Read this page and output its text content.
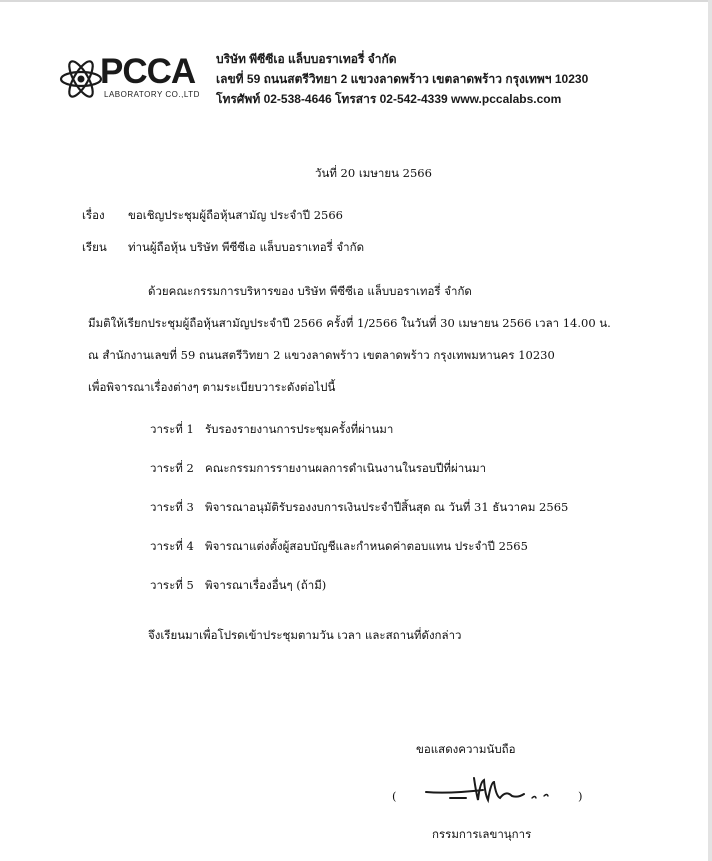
PCCA
LABORATORY CO.,LTD
บริษัท พีซีซีเอ แล็บบอราเทอรี่ จำกัด
เลขที่ 59 ถนนสตรีวิทยา 2 แขวงลาดพร้าว เขตลาดพร้าว กรุงเทพฯ 10230
โทรศัพท์ 02-538-4646 โทรสาร 02-542-4339 www.pccalabs.com
วันที่ 20 เมษายน 2566
เรื่อง ขอเชิญประชุมผู้ถือหุ้นสามัญ ประจำปี 2566
เรียน ท่านผู้ถือหุ้น บริษัท พีซีซีเอ แล็บบอราเทอรี่ จำกัด
ด้วยคณะกรรมการบริหารของ บริษัท พีซีซีเอ แล็บบอราเทอรี่ จำกัด
มีมติให้เรียกประชุมผู้ถือหุ้นสามัญประจำปี 2566 ครั้งที่ 1/2566 ในวันที่ 30 เมษายน 2566 เวลา 14.00 น.
ณ สำนักงานเลขที่ 59 ถนนสตรีวิทยา 2 แขวงลาดพร้าว เขตลาดพร้าว กรุงเทพมหานคร 10230
เพื่อพิจารณาเรื่องต่างๆ ตามระเบียบวาระดังต่อไปนี้
วาระที่ 1 รับรองรายงานการประชุมครั้งที่ผ่านมา
วาระที่ 2 คณะกรรมการรายงานผลการดำเนินงานในรอบปีที่ผ่านมา
วาระที่ 3 พิจารณาอนุมัติรับรองงบการเงินประจำปีสิ้นสุด ณ วันที่ 31 ธันวาคม 2565
วาระที่ 4 พิจารณาแต่งตั้งผู้สอบบัญชีและกำหนดค่าตอบแทน ประจำปี 2565
วาระที่ 5 พิจารณาเรื่องอื่นๆ (ถ้ามี)
จึงเรียนมาเพื่อโปรดเข้าประชุมตามวัน เวลา และสถานที่ดังกล่าว
ขอแสดงความนับถือ
(	)
กรรมการเลขานุการ
